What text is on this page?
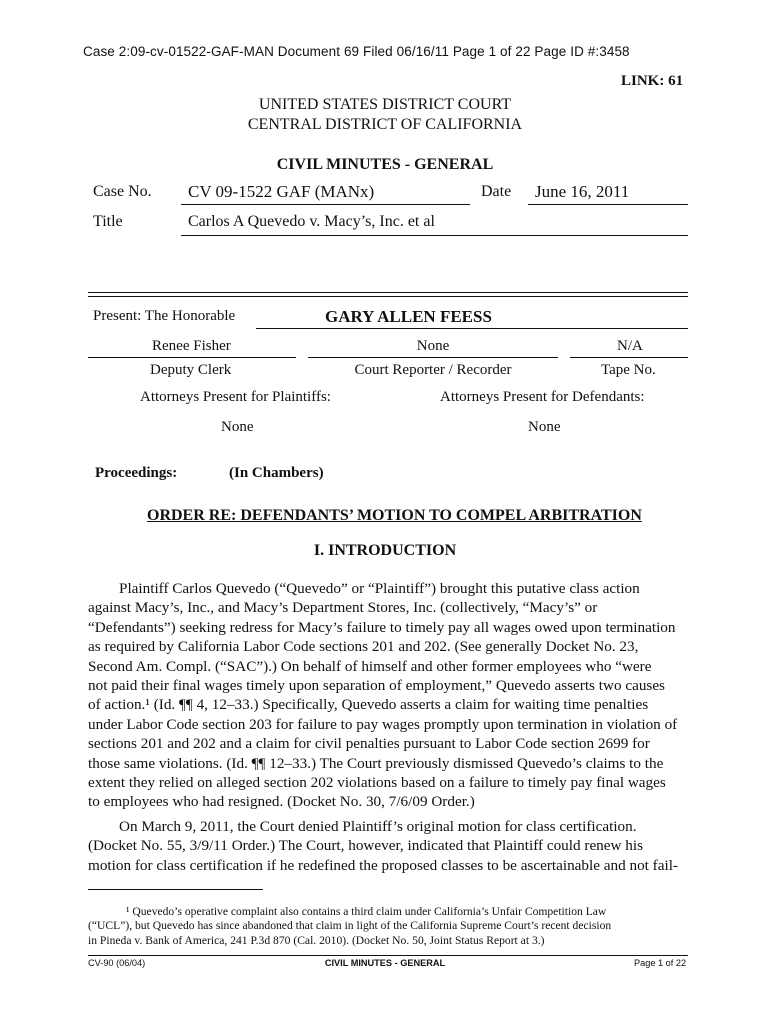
Case 2:09-cv-01522-GAF-MAN Document 69 Filed 06/16/11 Page 1 of 22 Page ID #:3458
LINK: 61
UNITED STATES DISTRICT COURT
CENTRAL DISTRICT OF CALIFORNIA
CIVIL MINUTES - GENERAL
Case No. CV 09-1522 GAF (MANx)	Date June 16, 2011
Title	Carlos A Quevedo v. Macy’s, Inc. et al
Present: The Honorable	GARY ALLEN FEESS
Renee Fisher	None	N/A
Deputy Clerk	Court Reporter / Recorder	Tape No.
Attorneys Present for Plaintiffs:	Attorneys Present for Defendants:
None	None
Proceedings:	(In Chambers)
ORDER RE: DEFENDANTS’ MOTION TO COMPEL ARBITRATION
I. INTRODUCTION
Plaintiff Carlos Quevedo (“Quevedo” or “Plaintiff”) brought this putative class action
against Macy’s, Inc., and Macy’s Department Stores, Inc. (collectively, “Macy’s” or
“Defendants”) seeking redress for Macy’s failure to timely pay all wages owed upon termination
as required by California Labor Code sections 201 and 202. (See generally Docket No. 23,
Second Am. Compl. (“SAC”).) On behalf of himself and other former employees who “were
not paid their final wages timely upon separation of employment,” Quevedo asserts two causes
of action.¹ (Id. ¶¶ 4, 12–33.) Specifically, Quevedo asserts a claim for waiting time penalties
under Labor Code section 203 for failure to pay wages promptly upon termination in violation of
sections 201 and 202 and a claim for civil penalties pursuant to Labor Code section 2699 for
those same violations. (Id. ¶¶ 12–33.) The Court previously dismissed Quevedo’s claims to the
extent they relied on alleged section 202 violations based on a failure to timely pay final wages
to employees who had resigned. (Docket No. 30, 7/6/09 Order.)
On March 9, 2011, the Court denied Plaintiff’s original motion for class certification.
(Docket No. 55, 3/9/11 Order.) The Court, however, indicated that Plaintiff could renew his
motion for class certification if he redefined the proposed classes to be ascertainable and not fail-
¹ Quevedo’s operative complaint also contains a third claim under California’s Unfair Competition Law
(“UCL”), but Quevedo has since abandoned that claim in light of the California Supreme Court’s recent decision
in Pineda v. Bank of America, 241 P.3d 870 (Cal. 2010). (Docket No. 50, Joint Status Report at 3.)
CV-90 (06/04)	CIVIL MINUTES - GENERAL	Page 1 of 22
